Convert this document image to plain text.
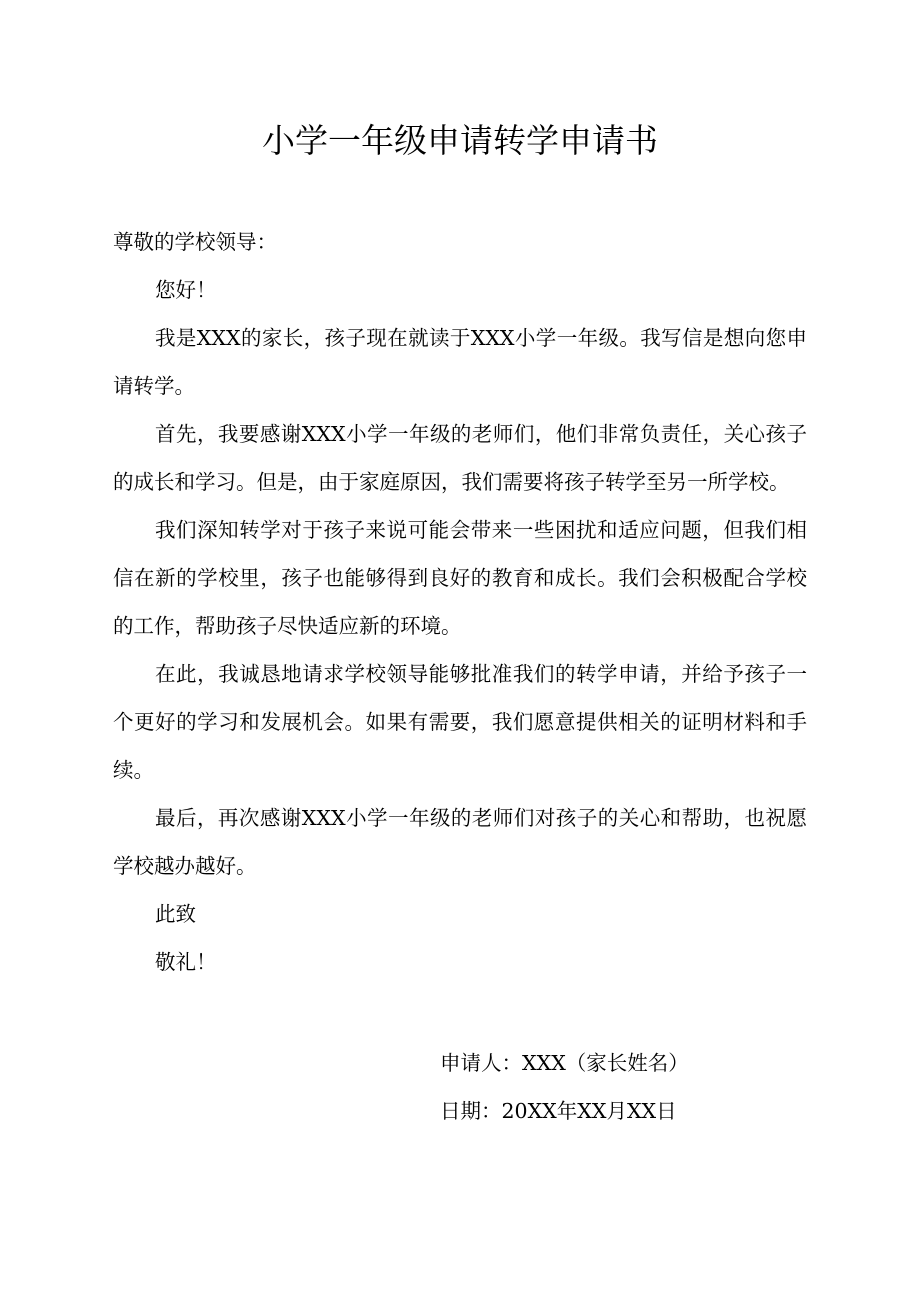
小学一年级申请转学申请书

尊敬的学校领导：

您好！

我是XXX的家长，孩子现在就读于XXX小学一年级。我写信是想向您申请转学。

首先，我要感谢XXX小学一年级的老师们，他们非常负责任，关心孩子的成长和学习。但是，由于家庭原因，我们需要将孩子转学至另一所学校。

我们深知转学对于孩子来说可能会带来一些困扰和适应问题，但我们相信在新的学校里，孩子也能够得到良好的教育和成长。我们会积极配合学校的工作，帮助孩子尽快适应新的环境。

在此，我诚恳地请求学校领导能够批准我们的转学申请，并给予孩子一个更好的学习和发展机会。如果有需要，我们愿意提供相关的证明材料和手续。

最后，再次感谢XXX小学一年级的老师们对孩子的关心和帮助，也祝愿学校越办越好。

此致

敬礼！

申请人：XXX（家长姓名）

日期：20XX年XX月XX日
